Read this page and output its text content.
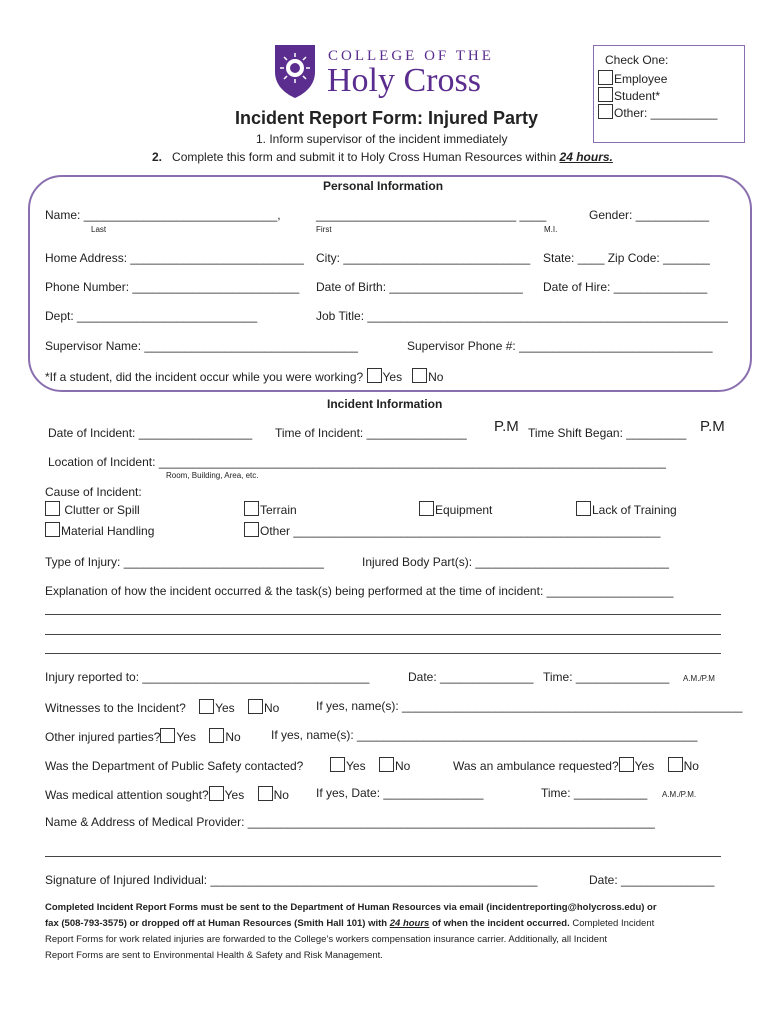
COLLEGE OF THE
Holy Cross
Check One:
Employee
Student*
Other: __________
Incident Report Form: Injured Party
1. Inform supervisor of the incident immediately
2. Complete this form and submit it to Holy Cross Human Resources within 24 hours.
Personal Information
Name: _____________________________,	______________________________ ____	Gender: ___________
Last	First	M.I.
Home Address: __________________________ City: ____________________________ State: ____ Zip Code: _______
Phone Number: _________________________ Date of Birth: ____________________ Date of Hire: ______________
Dept: ___________________________	Job Title: ______________________________________________________
Supervisor Name: ________________________________	Supervisor Phone #: _____________________________
*If a student, did the incident occur while you were working? Yes No
Incident Information
Date of Incident: _________________ Time of Incident: _______________ P.M Time Shift Began: _________ P.M
Location of Incident: ____________________________________________________________________________
Room, Building, Area, etc.
Cause of Incident:
Clutter or Spill	Terrain	Equipment	Lack of Training
Material Handling	Other _______________________________________________________
Type of Injury: ______________________________	Injured Body Part(s): _____________________________
Explanation of how the incident occurred & the task(s) being performed at the time of incident: ___________________
Injury reported to: __________________________________	Date: ______________ Time: ______________ A.M./P.M
Witnesses to the Incident? Yes No	If yes, name(s): ___________________________________________________
Other injured parties? Yes No	If yes, name(s): ___________________________________________________
Was the Department of Public Safety contacted?	Yes No	Was an ambulance requested? Yes No
Was medical attention sought? Yes No If yes, Date: _______________	Time: ___________ A.M./P.M.
Name & Address of Medical Provider: _____________________________________________________________
Signature of Injured Individual: _________________________________________________	Date: ______________
Completed Incident Report Forms must be sent to the Department of Human Resources via email (incidentreporting@holycross.edu) or
fax (508-793-3575) or dropped off at Human Resources (Smith Hall 101) with 24 hours of when the incident occurred. Completed Incident
Report Forms for work related injuries are forwarded to the College’s workers compensation insurance carrier. Additionally, all Incident
Report Forms are sent to Environmental Health & Safety and Risk Management.
